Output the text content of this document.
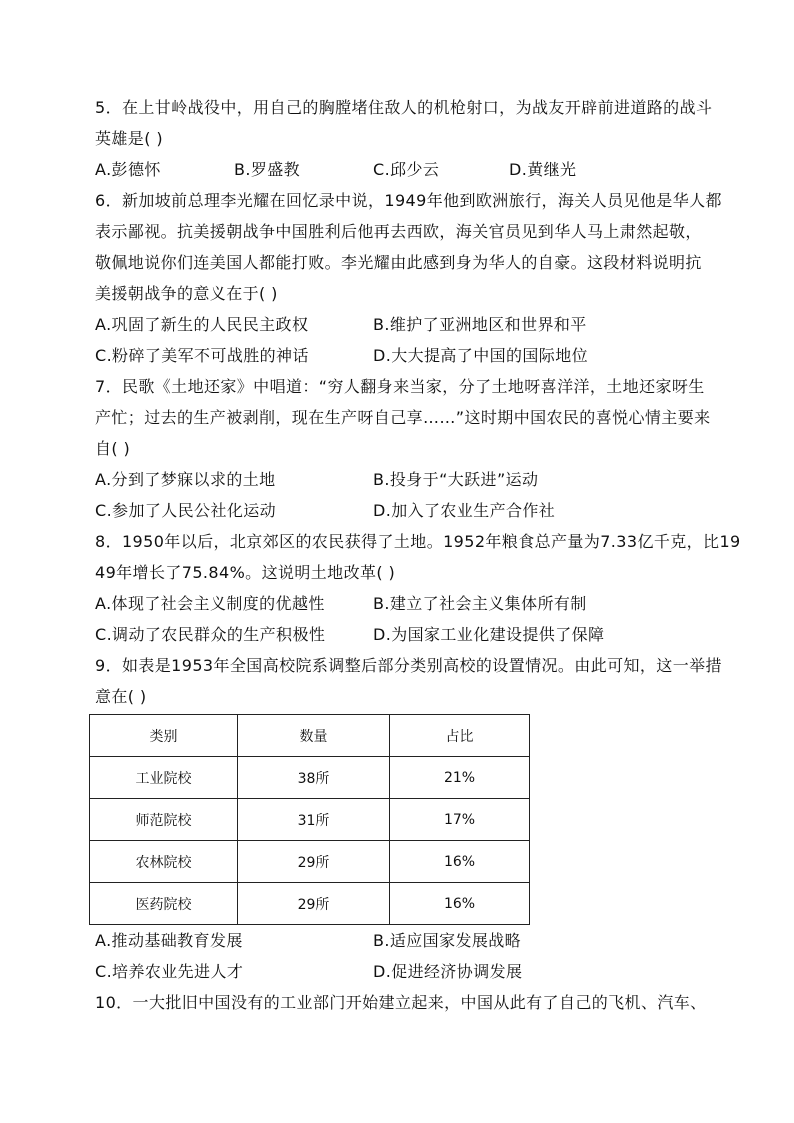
5．在上甘岭战役中，用自己的胸膛堵住敌人的机枪射口，为战友开辟前进道路的战斗
英雄是( )
A.彭德怀	B.罗盛教	C.邱少云	D.黄继光
6．新加坡前总理李光耀在回忆录中说，1949年他到欧洲旅行，海关人员见他是华人都
表示鄙视。抗美援朝战争中国胜利后他再去西欧，海关官员见到华人马上肃然起敬，
敬佩地说你们连美国人都能打败。李光耀由此感到身为华人的自豪。这段材料说明抗
美援朝战争的意义在于( )
A.巩固了新生的人民民主政权	B.维护了亚洲地区和世界和平
C.粉碎了美军不可战胜的神话	D.大大提高了中国的国际地位
7．民歌《土地还家》中唱道：“穷人翻身来当家，分了土地呀喜洋洋，土地还家呀生
产忙；过去的生产被剥削，现在生产呀自己享……”这时期中国农民的喜悦心情主要来
自( )
A.分到了梦寐以求的土地	B.投身于“大跃进”运动
C.参加了人民公社化运动	D.加入了农业生产合作社
8．1950年以后，北京郊区的农民获得了土地。1952年粮食总产量为7.33亿千克，比19
49年增长了75.84%。这说明土地改革( )
A.体现了社会主义制度的优越性	B.建立了社会主义集体所有制
C.调动了农民群众的生产积极性	D.为国家工业化建设提供了保障
9．如表是1953年全国高校院系调整后部分类别高校的设置情况。由此可知，这一举措
意在( )
类别	数量	占比
工业院校	38所	21%
师范院校	31所	17%
农林院校	29所	16%
医药院校	29所	16%
A.推动基础教育发展	B.适应国家发展战略
C.培养农业先进人才	D.促进经济协调发展
10．一大批旧中国没有的工业部门开始建立起来，中国从此有了自己的飞机、汽车、
